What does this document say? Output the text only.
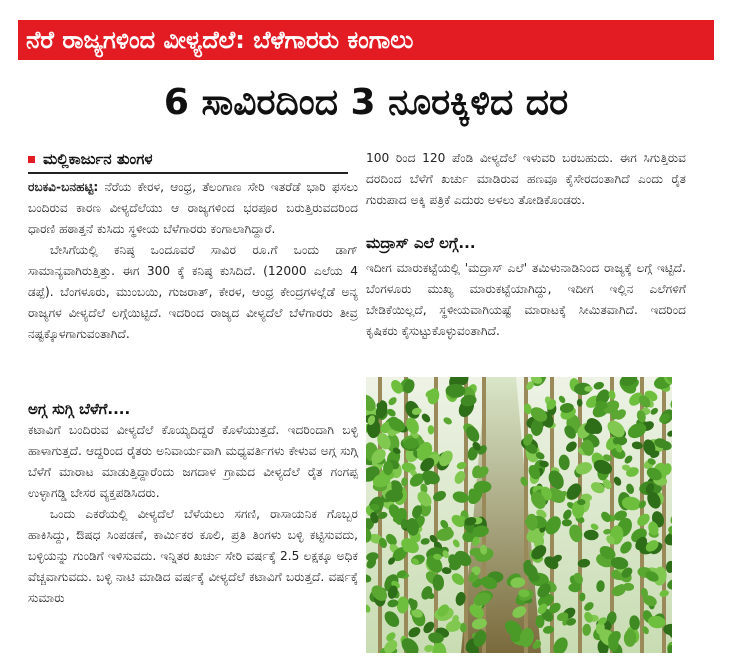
ನೆರೆ ರಾಜ್ಯಗಳಿಂದ ವೀಳ್ಯದೆಲೆ: ಬೆಳೆಗಾರರು ಕಂಗಾಲು
6 ಸಾವಿರದಿಂದ 3 ನೂರಕ್ಕಿಳಿದ ದರ
ಮಲ್ಲಿಕಾರ್ಜುನ ತುಂಗಳ

ರಬಕವಿ-ಬನಹಟ್ಟಿ: ನೆರೆಯ ಕೇರಳ, ಆಂಧ್ರ, ತೆಲಂಗಾಣ ಸೇರಿ ಇತರೆಡೆ ಭಾರಿ ಫಸಲು ಬಂದಿರುವ ಕಾರಣ ವೀಳ್ಯದೆಲೆಯು ಆ ರಾಜ್ಯಗಳಿಂದ ಭರಪೂರ ಬರುತ್ತಿರುವದರಿಂದ ಧಾರಣಿ ಹಠಾತ್ತನೆ ಕುಸಿದು ಸ್ಥಳೀಯ ಬೆಳೆಗಾರರು ಕಂಗಾಲಾಗಿದ್ದಾರೆ.

ಬೇಸಿಗೆಯಲ್ಲಿ ಕನಿಷ್ಠ ಒಂದೂವರೆ ಸಾವಿರ ರೂ.ಗೆ ಒಂದು ಡಾಗ್ ಸಾಮಾನ್ಯವಾಗಿರುತ್ತಿತ್ತು. ಈಗ 300 ಕ್ಕೆ ಕನಿಷ್ಠ ಕುಸಿದಿದೆ. (12000 ಎಲೆಯ 4 ಡಪ್ಪೆ). ಬೆಂಗಳೂರು, ಮುಂಬಯಿ, ಗುಜರಾತ್, ಕೇರಳ, ಆಂಧ್ರ ಕೇಂದ್ರಗಳಲ್ಲೆಡೆ ಅನ್ಯ ರಾಜ್ಯಗಳ ವೀಳ್ಯದೆಲೆ ಲಗ್ಗೆಯಿಟ್ಟಿದೆ. ಇದರಿಂದ ರಾಜ್ಯದ ವೀಳ್ಯದೆಲೆ ಬೆಳೆಗಾರರು ತೀವ್ರ ನಷ್ಟಕ್ಕೊಳಗಾಗುವಂತಾಗಿದೆ.

ಅಗ್ಗ ಸುಗ್ಗಿ ಬೆಳೆಗೆ....

ಕಟಾವಿಗೆ ಬಂದಿರುವ ವೀಳ್ಯದೆಲೆ ಕೊಯ್ಯದಿದ್ದರೆ ಕೊಳೆಯುತ್ತದೆ. ಇದರಿಂದಾಗಿ ಬಳ್ಳಿ ಹಾಳಾಗುತ್ತದೆ. ಆದ್ದರಿಂದ ರೈತರು ಅನಿವಾರ್ಯವಾಗಿ ಮಧ್ಯವರ್ತಿಗಳು ಕೇಳುವ ಅಗ್ಗ ಸುಗ್ಗಿ ಬೆಳೆಗೆ ಮಾರಾಟ ಮಾಡುತ್ತಿದ್ದಾರೆಂದು ಜಗದಾಳ ಗ್ರಾಮದ ವೀಳ್ಯದೆಲೆ ರೈತ ಗಂಗಪ್ಪ ಉಳ್ಳಾಗಡ್ಡಿ ಬೇಸರ ವ್ಯಕ್ತಪಡಿಸಿದರು.

ಒಂದು ಎಕರೆಯಲ್ಲಿ ವೀಳ್ಯದೆಲೆ ಬೆಳೆಯಲು ಸಗಣಿ, ರಾಸಾಯನಿಕ ಗೊಬ್ಬರ ಹಾಕಿಸಿದ್ದು, ಔಷಧ ಸಿಂಪಡಣೆ, ಕಾರ್ಮಿಕರ ಕೂಲಿ, ಪ್ರತಿ ತಿಂಗಳು ಬಳ್ಳಿ ಕಟ್ಟಿಸುವದು, ಬಳ್ಳಿಯನ್ನು ಗುಂಡಿಗೆ ಇಳಿಸುವದು. ಇನ್ನಿತರ ಖರ್ಚು ಸೇರಿ ವರ್ಷಕ್ಕೆ 2.5 ಲಕ್ಷಕ್ಕೂ ಅಧಿಕ ವೆಚ್ಚವಾಗುವದು. ಬಳ್ಳಿ ನಾಟಿ ಮಾಡಿದ ವರ್ಷಕ್ಕೆ ವೀಳ್ಯದೆಲೆ ಕಟಾವಿಗೆ ಬರುತ್ತದೆ. ವರ್ಷಕ್ಕೆ ಸುಮಾರು

100 ರಿಂದ 120 ಪೆಂಡಿ ವೀಳ್ಯದೆಲೆ ಇಳುವರಿ ಬರಬಹುದು. ಈಗ ಸಿಗುತ್ತಿರುವ ದರದಿಂದ ಬೆಳೆಗೆ ಖರ್ಚು ಮಾಡಿರುವ ಹಣವೂ ಕೈಸೇರದಂತಾಗಿದೆ ಎಂದು ರೈತ ಗುರುಪಾದ ಅಕ್ಕಿ ಪತ್ರಿಕೆ ಎದುರು ಅಳಲು ತೋಡಿಕೊಂಡರು.

ಮದ್ರಾಸ್ ಎಲೆ ಲಗ್ಗೆ...

ಇದೀಗ ಮಾರುಕಟ್ಟೆಯಲ್ಲಿ 'ಮದ್ರಾಸ್ ಎಲೆ' ತಮಿಳುನಾಡಿನಿಂದ ರಾಜ್ಯಕ್ಕೆ ಲಗ್ಗೆ ಇಟ್ಟಿದೆ. ಬೆಂಗಳೂರು ಮುಖ್ಯ ಮಾರುಕಟ್ಟೆಯಾಗಿದ್ದು, ಇದೀಗ ಇಲ್ಲಿನ ಎಲೆಗಳಿಗೆ ಬೇಡಿಕೆಯಿಲ್ಲದೆ, ಸ್ಥಳೀಯವಾಗಿಯಷ್ಟೆ ಮಾರಾಟಕ್ಕೆ ಸೀಮಿತವಾಗಿದೆ. ಇದರಿಂದ ಕೃಷಿಕರು ಕೈಸುಟ್ಟುಕೊಳ್ಳುವಂತಾಗಿದೆ.
